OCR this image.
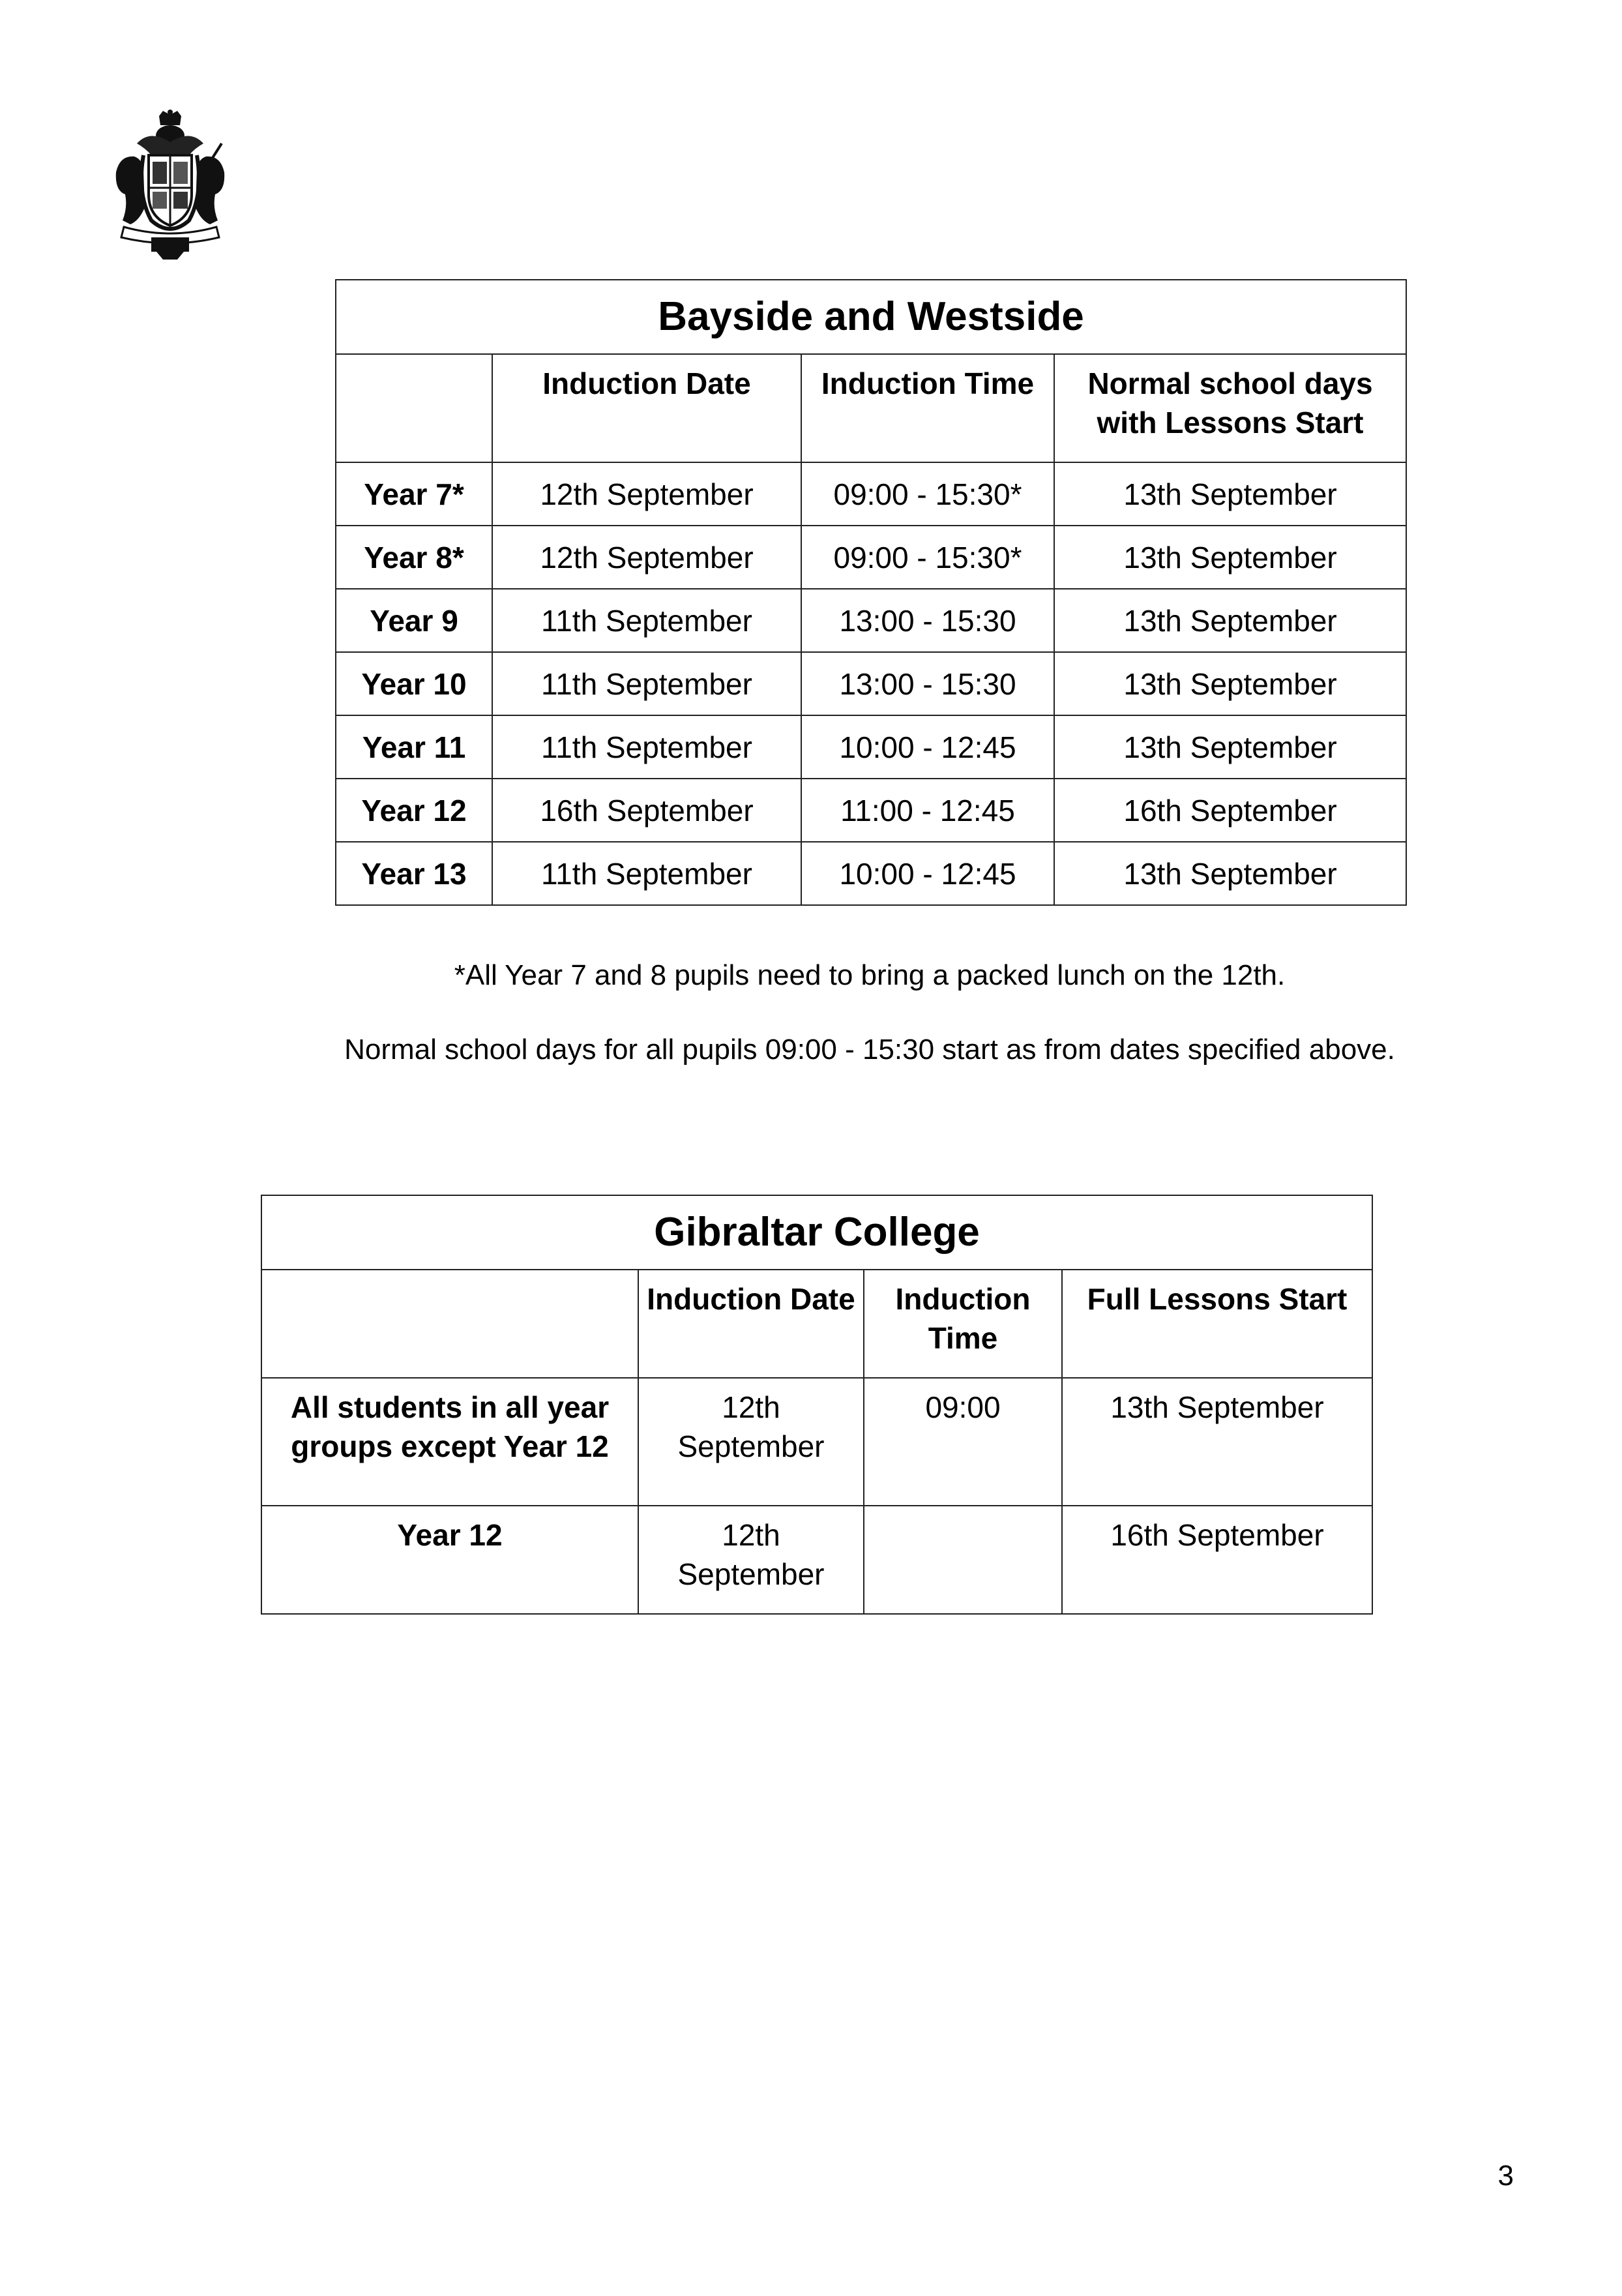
Bayside and Westside			
	Induction Date	Induction Time	Normal school days with Lessons Start
Year 7*	12th September	09:00 - 15:30*	13th September
Year 8*	12th September	09:00 - 15:30*	13th September
Year 9	11th September	13:00 - 15:30	13th September
Year 10	11th September	13:00 - 15:30	13th September
Year 11	11th September	10:00 - 12:45	13th September
Year 12	16th September	11:00 - 12:45	16th September
Year 13	11th September	10:00 - 12:45	13th September
*All Year 7 and 8 pupils need to bring a packed lunch on the 12th.
Normal school days for all pupils 09:00 - 15:30 start as from dates specified above.
Gibraltar College			
	Induction Date	Induction Time	Full Lessons Start
All students in all year groups except Year 12	12th September	09:00	13th September
Year 12	12th September		16th September
3
